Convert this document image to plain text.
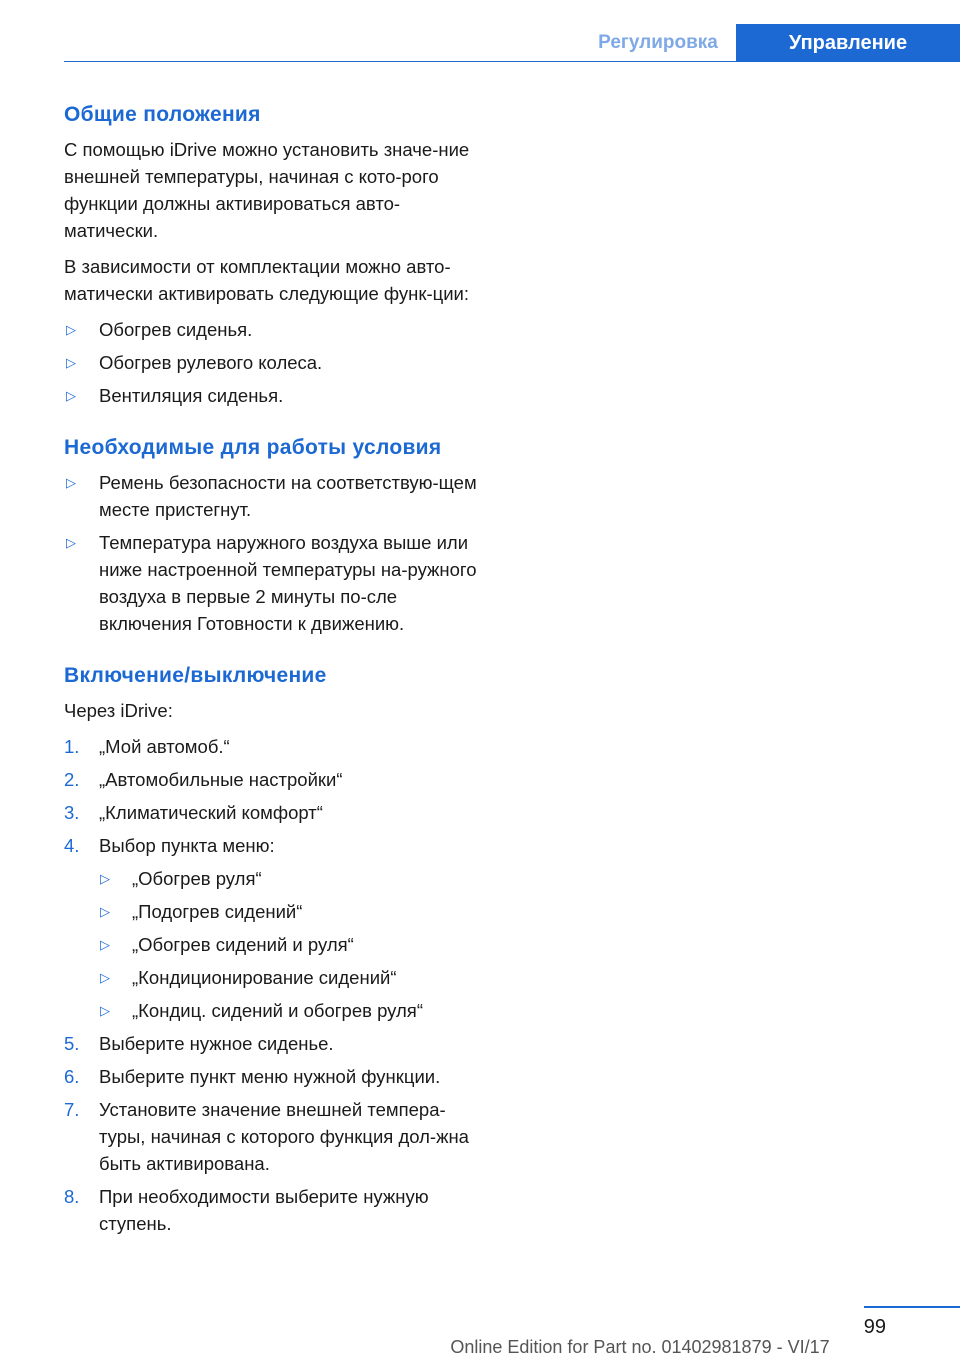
Регулировка	Управление
Общие положения

С помощью iDrive можно установить значе-ние внешней температуры, начиная с кото-рого функции должны активироваться авто-матически.

В зависимости от комплектации можно авто-матически активировать следующие функ-ции:

▷ Обогрев сиденья.
▷ Обогрев рулевого колеса.
▷ Вентиляция сиденья.
Необходимые для работы условия
▷ Ремень безопасности на соответствую-щем месте пристегнут.
▷ Температура наружного воздуха выше или ниже настроенной температуры на-ружного воздуха в первые 2 минуты по-сле включения Готовности к движению.
Включение/выключение

Через iDrive:

1. „Мой автомоб.“
2. „Автомобильные настройки“
3. „Климатический комфорт“
4. Выбор пункта меню:
▷ „Обогрев руля“
▷ „Подогрев сидений“
▷ „Обогрев сидений и руля“
▷ „Кондиционирование сидений“
▷ „Кондиц. сидений и обогрев руля“
5. Выберите нужное сиденье.
6. Выберите пункт меню нужной функции.
7. Установите значение внешней темпера-туры, начиная с которого функция дол-жна быть активирована.
8. При необходимости выберите нужную ступень.
99
Online Edition for Part no. 01402981879 - VI/17
